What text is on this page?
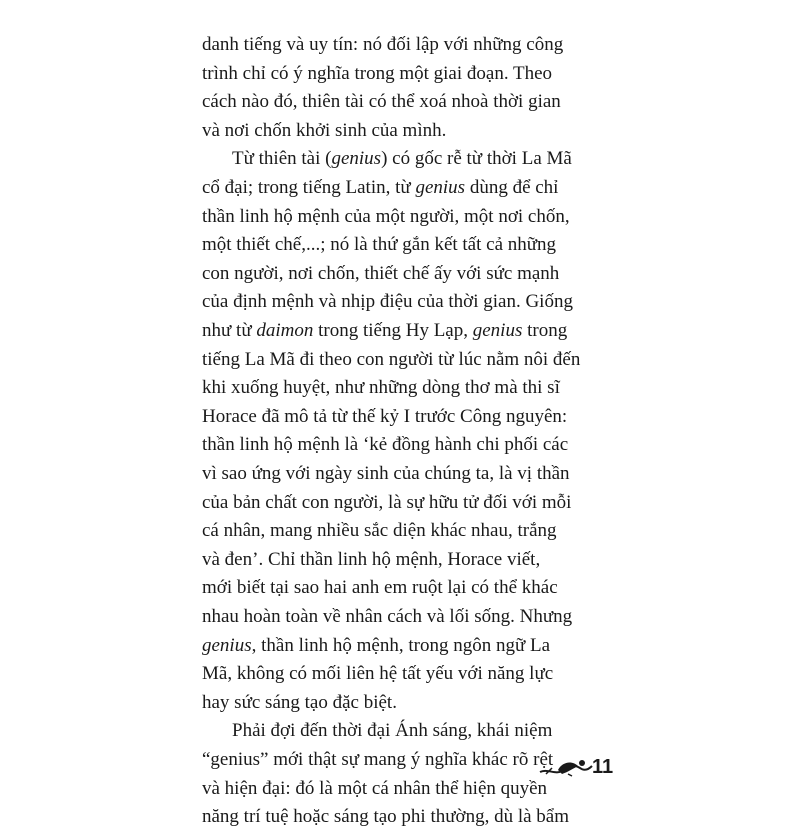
danh tiếng và uy tín: nó đối lập với những công

trình chỉ có ý nghĩa trong một giai đoạn. Theo

cách nào đó, thiên tài có thể xoá nhoà thời gian

và nơi chốn khởi sinh của mình.

Từ thiên tài (genius) có gốc rễ từ thời La Mã

cổ đại; trong tiếng Latin, từ genius dùng để chỉ

thần linh hộ mệnh của một người, một nơi chốn,

một thiết chế,...; nó là thứ gắn kết tất cả những

con người, nơi chốn, thiết chế ấy với sức mạnh

của định mệnh và nhịp điệu của thời gian. Giống

như từ daimon trong tiếng Hy Lạp, genius trong

tiếng La Mã đi theo con người từ lúc nằm nôi đến

khi xuống huyệt, như những dòng thơ mà thi sĩ

Horace đã mô tả từ thế kỷ I trước Công nguyên:

thần linh hộ mệnh là ‘kẻ đồng hành chi phối các

vì sao ứng với ngày sinh của chúng ta, là vị thần

của bản chất con người, là sự hữu tử đối với mỗi

cá nhân, mang nhiều sắc diện khác nhau, trắng

và đen’. Chỉ thần linh hộ mệnh, Horace viết,

mới biết tại sao hai anh em ruột lại có thể khác

nhau hoàn toàn về nhân cách và lối sống. Nhưng

genius, thần linh hộ mệnh, trong ngôn ngữ La

Mã, không có mối liên hệ tất yếu với năng lực

hay sức sáng tạo đặc biệt.

Phải đợi đến thời đại Ánh sáng, khái niệm

“genius” mới thật sự mang ý nghĩa khác rõ rệt

và hiện đại: đó là một cá nhân thể hiện quyền

năng trí tuệ hoặc sáng tạo phi thường, dù là bẩm

11
